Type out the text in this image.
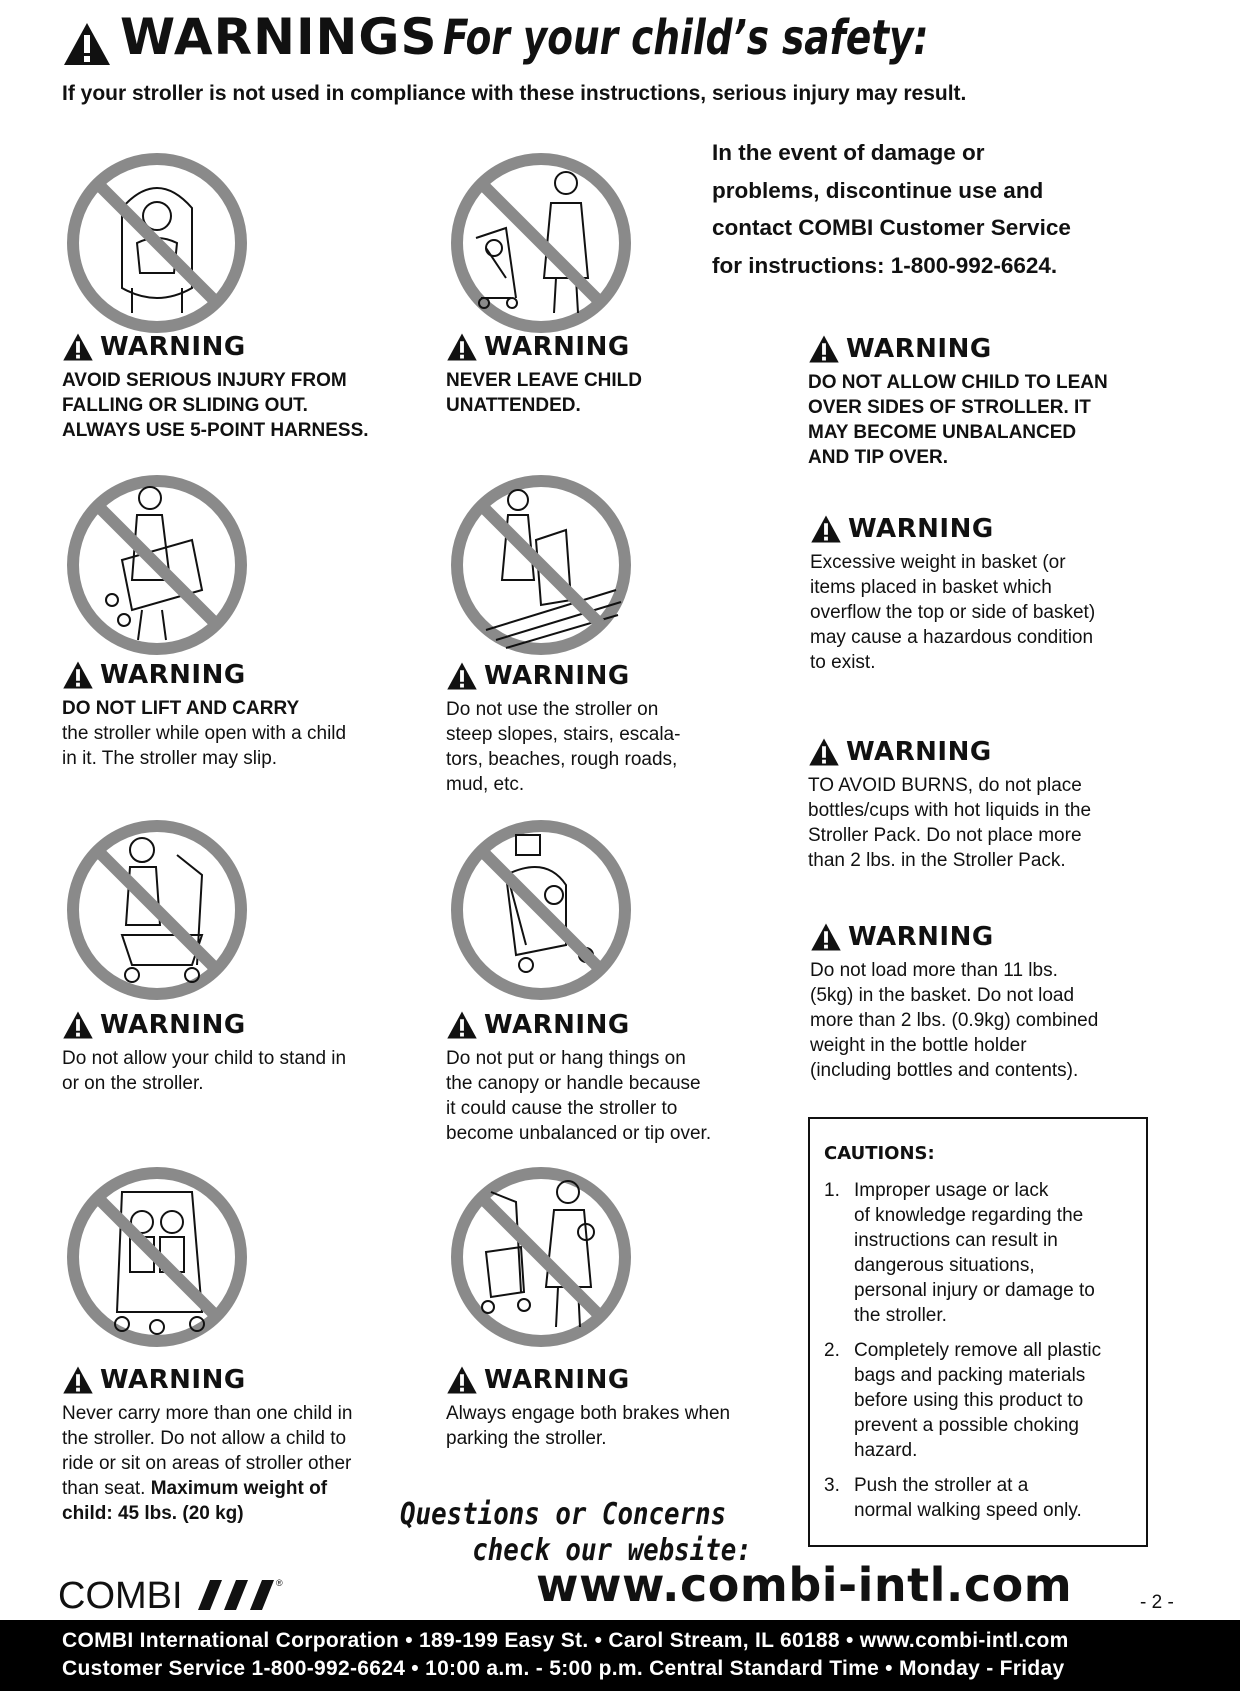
WARNINGS For your child’s safety:
If your stroller is not used in compliance with these instructions, serious injury may result.
In the event of damage or
problems, discontinue use and
contact COMBI Customer Service
for instructions: 1-800-992-6624.
WARNING
AVOID SERIOUS INJURY FROM
FALLING OR SLIDING OUT.
ALWAYS USE 5-POINT HARNESS.
WARNING
NEVER LEAVE CHILD
UNATTENDED.
WARNING
DO NOT ALLOW CHILD TO LEAN
OVER SIDES OF STROLLER. IT
MAY BECOME UNBALANCED
AND TIP OVER.
WARNING
Excessive weight in basket (or
items placed in basket which
overflow the top or side of basket)
may cause a hazardous condition
to exist.
WARNING
DO NOT LIFT AND CARRY
the stroller while open with a child
in it. The stroller may slip.
WARNING
Do not use the stroller on
steep slopes, stairs, escala-
tors, beaches, rough roads,
mud, etc.
WARNING
TO AVOID BURNS, do not place
bottles/cups with hot liquids in the
Stroller Pack. Do not place more
than 2 lbs. in the Stroller Pack.
WARNING
Do not load more than 11 lbs.
(5kg) in the basket. Do not load
more than 2 lbs. (0.9kg) combined
weight in the bottle holder
(including bottles and contents).
WARNING
Do not allow your child to stand in
or on the stroller.
WARNING
Do not put or hang things on
the canopy or handle because
it could cause the stroller to
become unbalanced or tip over.
WARNING
Never carry more than one child in
the stroller. Do not allow a child to
ride or sit on areas of stroller other
than seat. Maximum weight of
child: 45 lbs. (20 kg)
WARNING
Always engage both brakes when
parking the stroller.
CAUTIONS:
1. Improper usage or lack
of knowledge regarding the
instructions can result in
dangerous situations,
personal injury or damage to
the stroller.
2. Completely remove all plastic
bags and packing materials
before using this product to
prevent a possible choking
hazard.
3. Push the stroller at a
normal walking speed only.
Questions or Concerns
check our website:
www.combi-intl.com
COMBI	®
- 2 -
COMBI International Corporation • 189-199 Easy St. • Carol Stream, IL 60188 • www.combi-intl.com
Customer Service 1-800-992-6624 • 10:00 a.m. - 5:00 p.m. Central Standard Time • Monday - Friday
